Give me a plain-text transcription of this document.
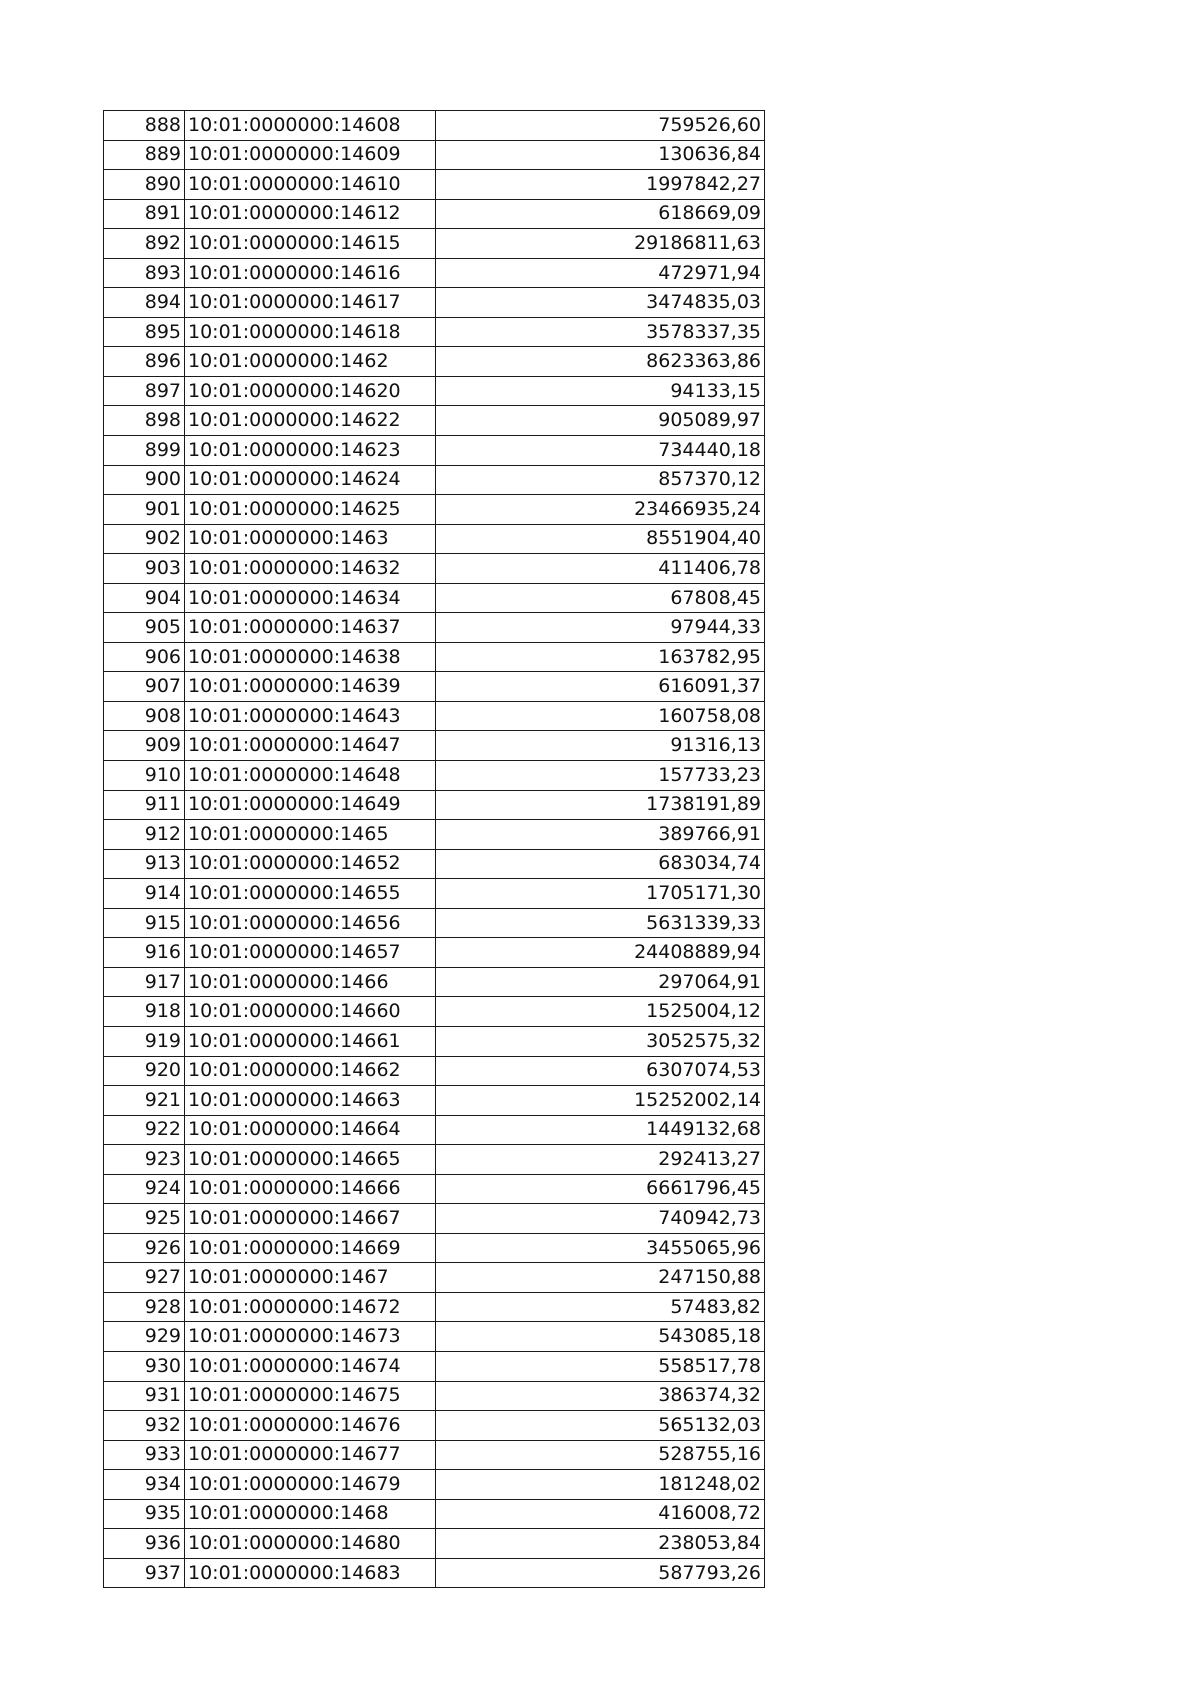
888	10:01:0000000:14608	759526,60
889	10:01:0000000:14609	130636,84
890	10:01:0000000:14610	1997842,27
891	10:01:0000000:14612	618669,09
892	10:01:0000000:14615	29186811,63
893	10:01:0000000:14616	472971,94
894	10:01:0000000:14617	3474835,03
895	10:01:0000000:14618	3578337,35
896	10:01:0000000:1462	8623363,86
897	10:01:0000000:14620	94133,15
898	10:01:0000000:14622	905089,97
899	10:01:0000000:14623	734440,18
900	10:01:0000000:14624	857370,12
901	10:01:0000000:14625	23466935,24
902	10:01:0000000:1463	8551904,40
903	10:01:0000000:14632	411406,78
904	10:01:0000000:14634	67808,45
905	10:01:0000000:14637	97944,33
906	10:01:0000000:14638	163782,95
907	10:01:0000000:14639	616091,37
908	10:01:0000000:14643	160758,08
909	10:01:0000000:14647	91316,13
910	10:01:0000000:14648	157733,23
911	10:01:0000000:14649	1738191,89
912	10:01:0000000:1465	389766,91
913	10:01:0000000:14652	683034,74
914	10:01:0000000:14655	1705171,30
915	10:01:0000000:14656	5631339,33
916	10:01:0000000:14657	24408889,94
917	10:01:0000000:1466	297064,91
918	10:01:0000000:14660	1525004,12
919	10:01:0000000:14661	3052575,32
920	10:01:0000000:14662	6307074,53
921	10:01:0000000:14663	15252002,14
922	10:01:0000000:14664	1449132,68
923	10:01:0000000:14665	292413,27
924	10:01:0000000:14666	6661796,45
925	10:01:0000000:14667	740942,73
926	10:01:0000000:14669	3455065,96
927	10:01:0000000:1467	247150,88
928	10:01:0000000:14672	57483,82
929	10:01:0000000:14673	543085,18
930	10:01:0000000:14674	558517,78
931	10:01:0000000:14675	386374,32
932	10:01:0000000:14676	565132,03
933	10:01:0000000:14677	528755,16
934	10:01:0000000:14679	181248,02
935	10:01:0000000:1468	416008,72
936	10:01:0000000:14680	238053,84
937	10:01:0000000:14683	587793,26
